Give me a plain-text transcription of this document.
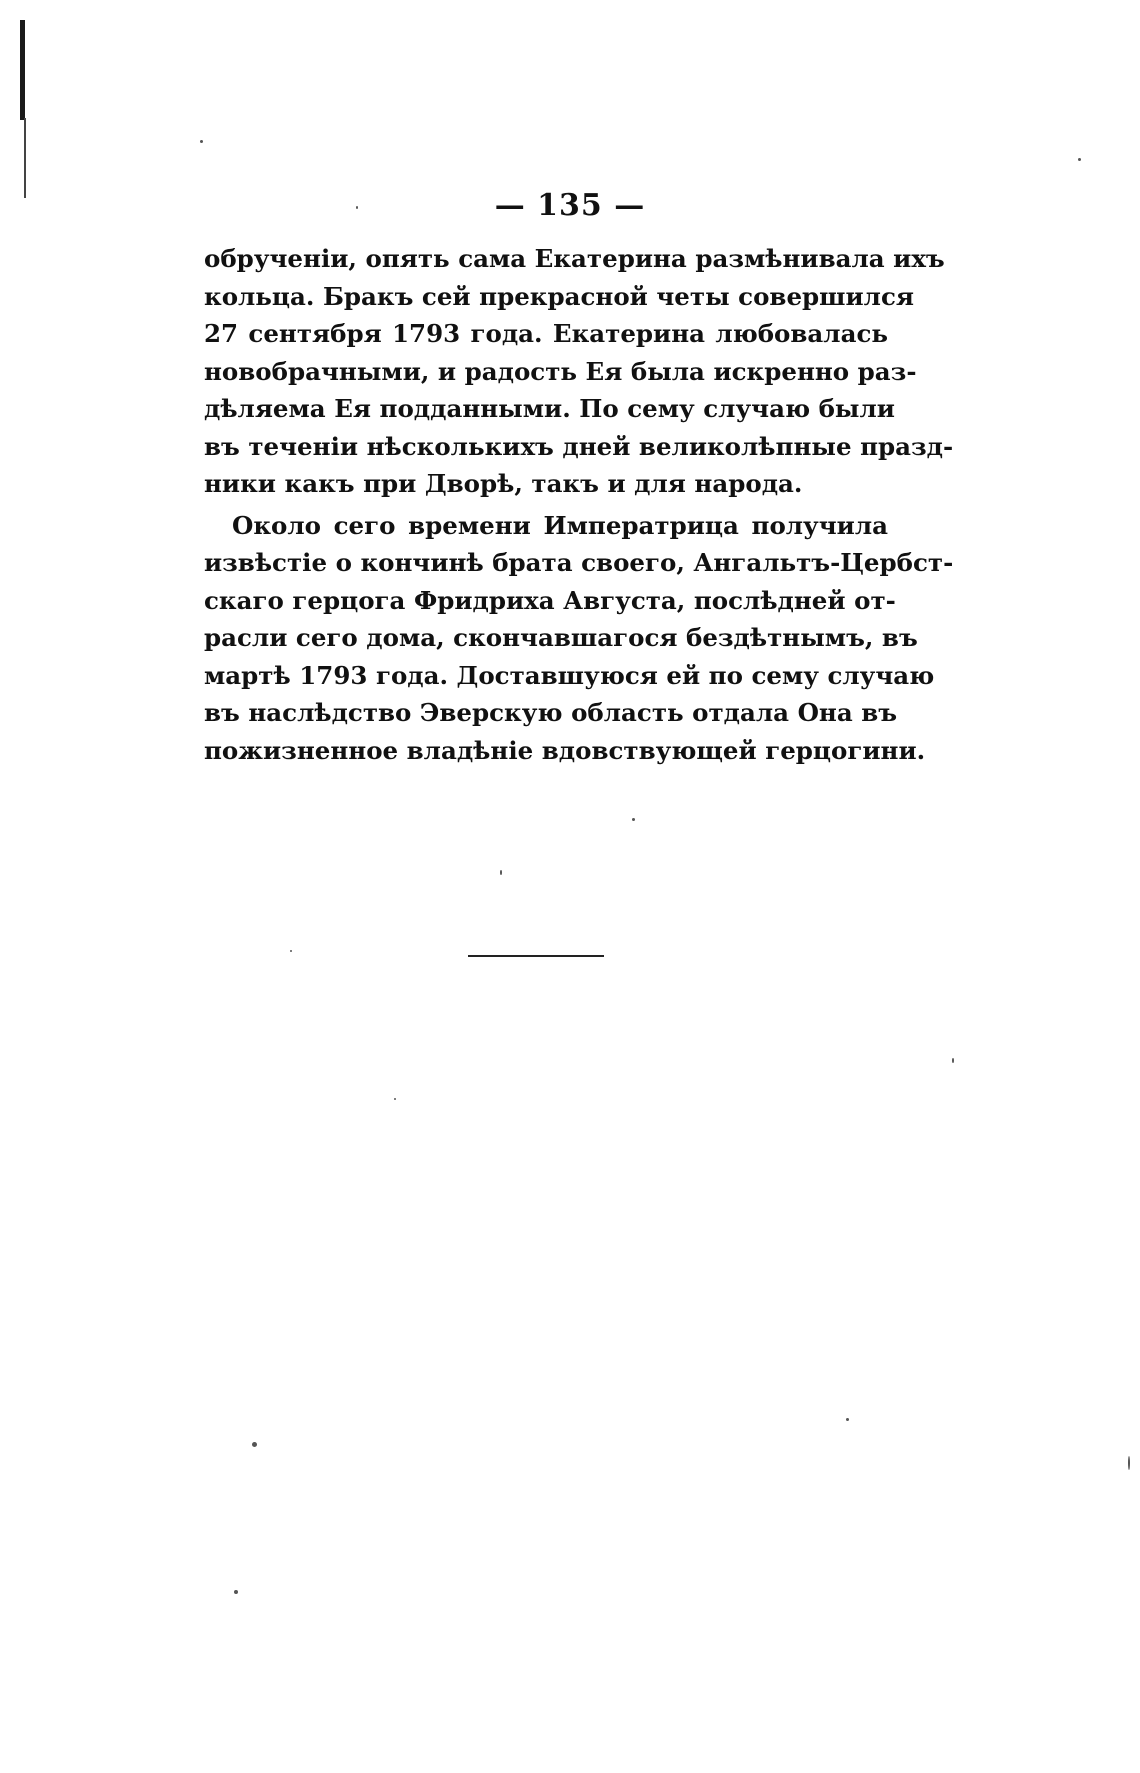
— 135 —
обрученіи, опять сама Екатерина размѣнивала ихъ
кольца. Бракъ сей прекрасной четы совершился
27 сентября 1793 года. Екатерина любовалась
новобрачными, и радость Ея была искренно раз-
дѣляема Ея подданными. По сему случаю были
въ теченіи нѣсколькихъ дней великолѣпные празд-
ники какъ при Дворѣ, такъ и для народа.
Около сего времени Императрица получила
извѣстіе о кончинѣ брата своего, Ангальтъ-Цербст-
скаго герцога Фридриха Августа, послѣдней от-
расли сего дома, скончавшагося бездѣтнымъ, въ
мартѣ 1793 года. Доставшуюся ей по сему случаю
въ наслѣдство Эверскую область отдала Она въ
пожизненное владѣніе вдовствующей герцогини.
